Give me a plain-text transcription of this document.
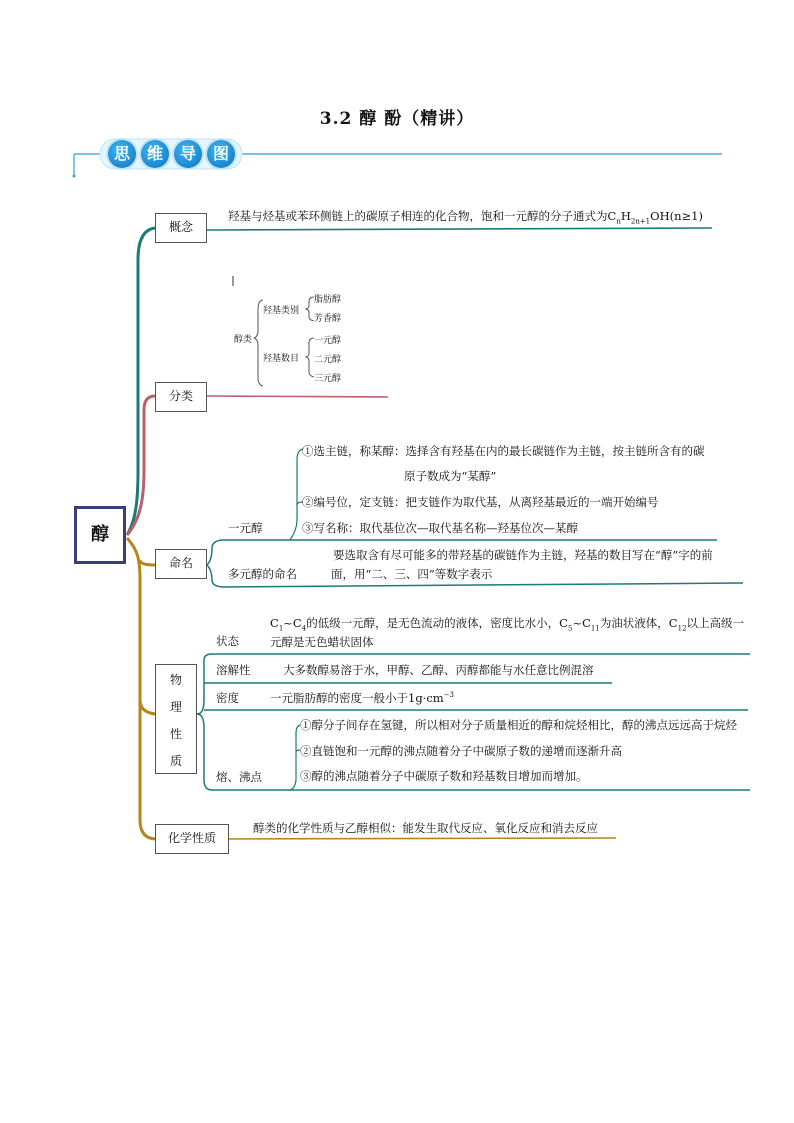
3.2 醇 酚（精讲）
思	维	导	图
醇
概念
羟基与烃基或苯环侧链上的碳原子相连的化合物，饱和一元醇的分子通式为$C_nH_{2n+1}OH(n\ge 1)$
分类
醇类
羟基类别
脂肪醇
芳香醇
羟基数目
一元醇
二元醇
三元醇
命名
①选主链，称某醇：选择含有羟基在内的最长碳链作为主链，按主链所含有的碳
原子数成为“某醇”
②编号位，定支链：把支链作为取代基，从离羟基最近的一端开始编号
一元醇	③写名称：取代基位次—取代基名称—羟基位次—某醇
要选取含有尽可能多的带羟基的碳链作为主链，羟基的数目写在“醇”字的前
多元醇的命名	面，用“二、三、四”等数字表示
物
理
性
质
状态
$C_1\sim C_4$的低级一元醇，是无色流动的液体，密度比水小，$C_5\sim C_{11}$为油状液体，$C_{12}$以上高级一
元醇是无色蜡状固体
溶解性	大多数醇易溶于水，甲醇、乙醇、丙醇都能与水任意比例混溶
密度	一元脂肪醇的密度一般小于$1g\cdot cm^{-3}$
①醇分子间存在氢键，所以相对分子质量相近的醇和烷烃相比，醇的沸点远远高于烷烃
②直链饱和一元醇的沸点随着分子中碳原子数的递增而逐渐升高
熔、沸点	③醇的沸点随着分子中碳原子数和羟基数目增加而增加。
化学性质
醇类的化学性质与乙醇相似：能发生取代反应、氧化反应和消去反应
